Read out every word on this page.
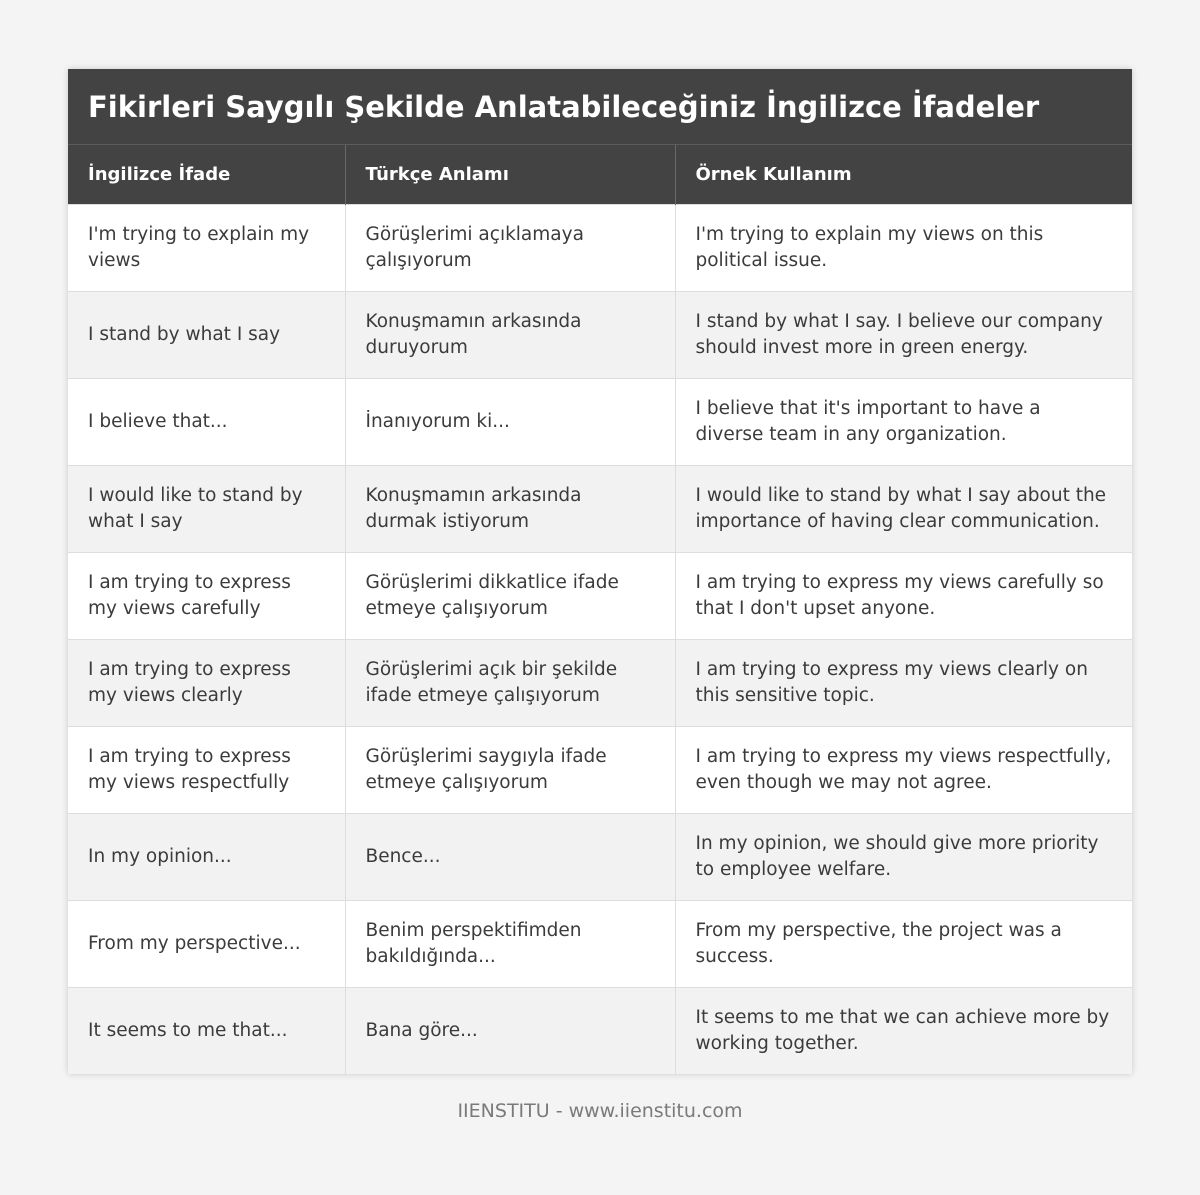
Fikirleri Saygılı Şekilde Anlatabileceğiniz İngilizce İfadeler
İngilizce İfade	Türkçe Anlamı	Örnek Kullanım
I'm trying to explain my views	Görüşlerimi açıklamaya çalışıyorum	I'm trying to explain my views on this political issue.
I stand by what I say	Konuşmamın arkasında duruyorum	I stand by what I say. I believe our company should invest more in green energy.
I believe that...	İnanıyorum ki...	I believe that it's important to have a diverse team in any organization.
I would like to stand by what I say	Konuşmamın arkasında durmak istiyorum	I would like to stand by what I say about the importance of having clear communication.
I am trying to express my views carefully	Görüşlerimi dikkatlice ifade etmeye çalışıyorum	I am trying to express my views carefully so that I don't upset anyone.
I am trying to express my views clearly	Görüşlerimi açık bir şekilde ifade etmeye çalışıyorum	I am trying to express my views clearly on this sensitive topic.
I am trying to express my views respectfully	Görüşlerimi saygıyla ifade etmeye çalışıyorum	I am trying to express my views respectfully, even though we may not agree.
In my opinion...	Bence...	In my opinion, we should give more priority to employee welfare.
From my perspective...	Benim perspektifimden bakıldığında...	From my perspective, the project was a success.
It seems to me that...	Bana göre...	It seems to me that we can achieve more by working together.
IIENSTITU - www.iienstitu.com
